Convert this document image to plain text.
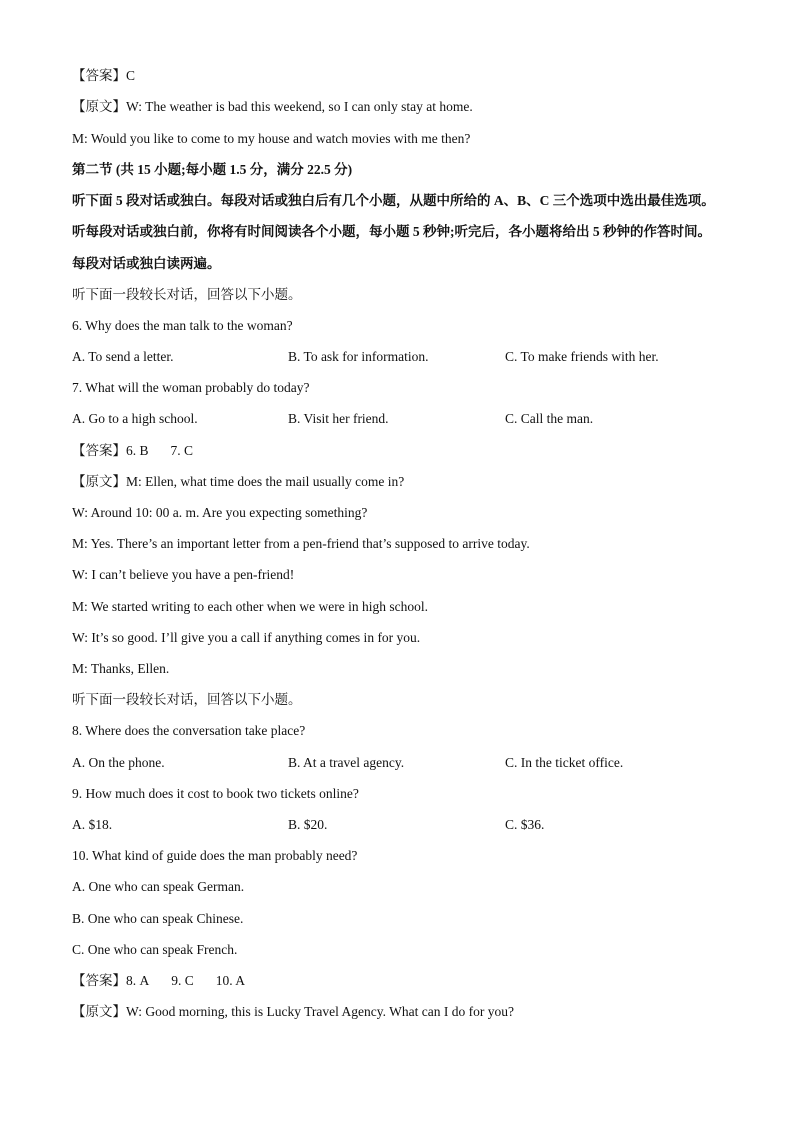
【答案】C
【原文】W: The weather is bad this weekend, so I can only stay at home.
M: Would you like to come to my house and watch movies with me then?
第二节 (共 15 小题;每小题 1.5 分，满分 22.5 分)
听下面 5 段对话或独白。每段对话或独白后有几个小题，从题中所给的 A、B、C 三个选项中选出最佳选项。
听每段对话或独白前，你将有时间阅读各个小题，每小题 5 秒钟;听完后，各小题将给出 5 秒钟的作答时间。
每段对话或独白读两遍。
听下面一段较长对话，回答以下小题。
6. Why does the man talk to the woman?
A. To send a letter.	B. To ask for information.	C. To make friends with her.
7. What will the woman probably do today?
A. Go to a high school.	B. Visit her friend.	C. Call the man.
【答案】6. B 7. C
【原文】M: Ellen, what time does the mail usually come in?
W: Around 10: 00 a. m. Are you expecting something?
M: Yes. There’s an important letter from a pen-friend that’s supposed to arrive today.
W: I can’t believe you have a pen-friend!
M: We started writing to each other when we were in high school.
W: It’s so good. I’ll give you a call if anything comes in for you.
M: Thanks, Ellen.
听下面一段较长对话，回答以下小题。
8. Where does the conversation take place?
A. On the phone.	B. At a travel agency.	C. In the ticket office.
9. How much does it cost to book two tickets online?
A. $18.	B. $20.	C. $36.
10. What kind of guide does the man probably need?
A. One who can speak German.
B. One who can speak Chinese.
C. One who can speak French.
【答案】8. A 9. C 10. A
【原文】W: Good morning, this is Lucky Travel Agency. What can I do for you?
